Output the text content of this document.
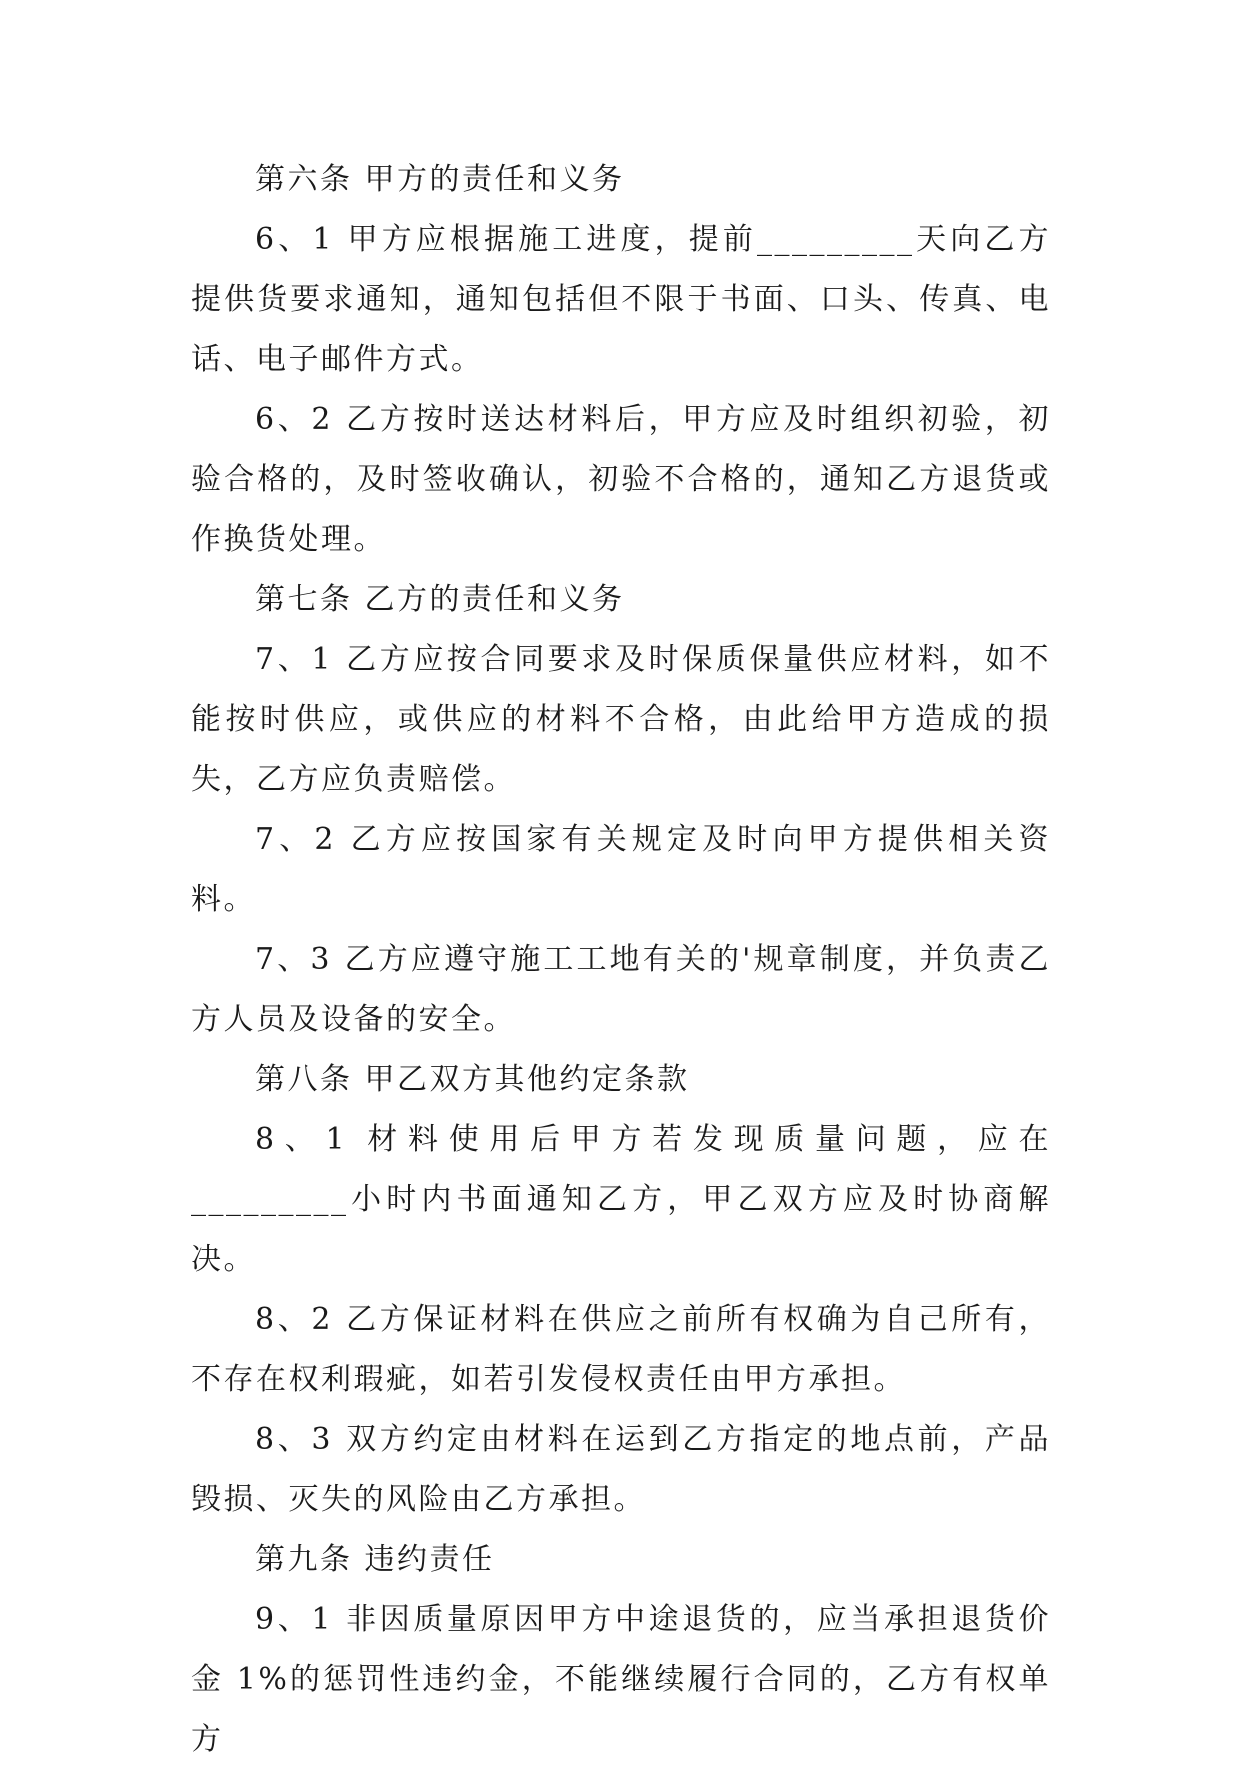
第六条 甲方的责任和义务

6、1 甲方应根据施工进度，提前_________天向乙方提供货要求通知，通知包括但不限于书面、口头、传真、电话、电子邮件方式。

6、2 乙方按时送达材料后，甲方应及时组织初验，初验合格的，及时签收确认，初验不合格的，通知乙方退货或作换货处理。

第七条 乙方的责任和义务

7、1 乙方应按合同要求及时保质保量供应材料，如不能按时供应，或供应的材料不合格，由此给甲方造成的损失，乙方应负责赔偿。

7、2 乙方应按国家有关规定及时向甲方提供相关资料。

7、3 乙方应遵守施工工地有关的'规章制度，并负责乙方人员及设备的安全。

第八条 甲乙双方其他约定条款

8、1 材料使用后甲方若发现质量问题，应在_________小时内书面通知乙方，甲乙双方应及时协商解决。

8、2 乙方保证材料在供应之前所有权确为自己所有，不存在权利瑕疵，如若引发侵权责任由甲方承担。

8、3 双方约定由材料在运到乙方指定的地点前，产品毁损、灭失的风险由乙方承担。

第九条 违约责任

9、1 非因质量原因甲方中途退货的，应当承担退货价金 1%的惩罚性违约金，不能继续履行合同的，乙方有权单方
